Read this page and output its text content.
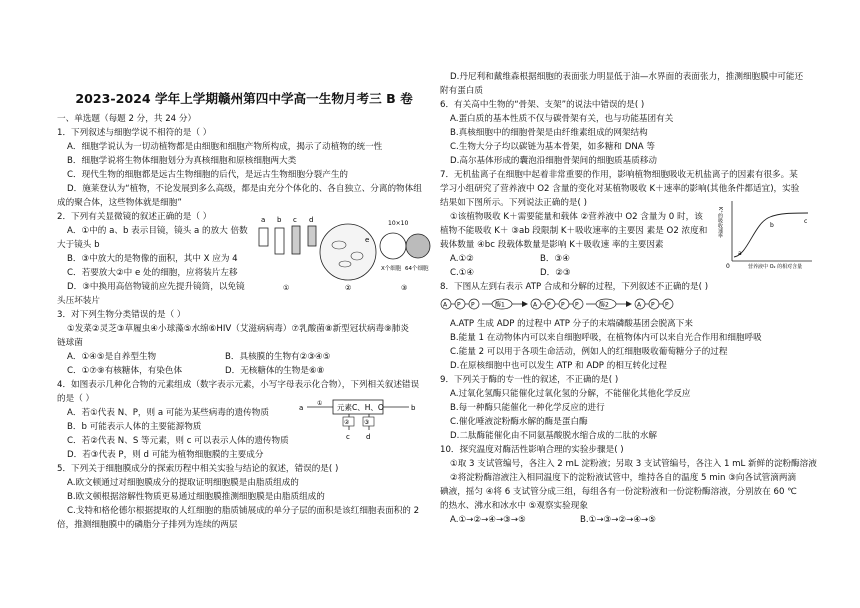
2023-2024 学年上学期赣州第四中学高一生物月考三 B 卷
一、单选题（每题 2 分，共 24 分）
1．下列叙述与细胞学说不相符的是（ ）
A．细胞学说认为一切动植物都是由细胞和细胞产物所构成，揭示了动植物的统一性
B．细胞学说将生物体细胞划分为真核细胞和原核细胞两大类
C．现代生物的细胞都是远古生物细胞的后代，是远古生物细胞分裂产生的
D．施莱登认为“植物，不论发展到多么高级，都是由充分个体化的、各自独立、分离的物体组
成的聚合体，这些物体就是细胞”
2．下列有关显微镜的叙述正确的是（ ）
A．①中的 a、b 表示目镜，镜头 a 的放大 倍数
大于镜头 b
B．③中放大的是物像的面积，其中 X 应为 4
C．若要放大②中 e 处的细胞，应将装片左移
D．③中换用高倍物镜前应先提升镜筒，以免镜
头压坏装片
a b c d
e
10×10
X个细胞 64个细胞
①	②	③
3．对下列生物分类错误的是（ ）
①发菜②灵芝③草履虫④小球藻⑤水绵⑥HIV（艾滋病病毒）⑦乳酸菌⑧新型冠状病毒⑨肺炎
链球菌
A．①④⑤是自养型生物	B．具核膜的生物有②③④⑤
C．①⑦⑨有核糖体，有染色体	D．无核糖体的生物是⑥⑧
4．如图表示几种化合物的元素组成（数字表示元素，小写字母表示化合物），下列相关叙述错误
的是（ ）
A．若①代表 N、P，则 a 可能为某些病毒的遗传物质
B．b 可能表示人体的主要能源物质
C．若②代表 N、S 等元素，则 c 可以表示人体的遗传物质
D．若③代表 P，则 d 可能为植物细胞膜的主要成分
元素C、H、O
a
①
b
② ③
c d
5．下列关于细胞膜成分的探索历程中相关实验与结论的叙述，错误的是( )
A.欧文顿通过对细胞膜成分的提取证明细胞膜是由脂质组成的
B.欧文顿根据溶解性物质更易通过细胞膜推测细胞膜是由脂质组成的
C.戈特和格伦德尔根据提取的人红细胞的脂质铺展成的单分子层的面积是该红细胞表面积的 2
倍，推测细胞膜中的磷脂分子排列为连续的两层
D.丹尼利和戴维森根据细胞的表面张力明显低于油—水界面的表面张力，推测细胞膜中可能还
附有蛋白质
6．有关高中生物的“骨架、支架”的说法中错误的是( )
A.蛋白质的基本性质不仅与碳骨架有关，也与功能基团有关
B.真核细胞中的细胞骨架是由纤维素组成的网架结构
C.生物大分子均以碳链为基本骨架，如多糖和 DNA 等
D.高尔基体形成的囊泡沿细胞骨架间的细胞质基质移动
7．无机盐离子在细胞中起着非常重要的作用，影响植物细胞吸收无机盐离子的因素有很多。某
学习小组研究了营养液中 O2 含量的变化对某植物吸收 K＋速率的影响(其他条件都适宜)，实验
结果如下图所示。下列说法正确的是( )
①该植物吸收 K＋需要能量和载体 ②营养液中 O2 含量为 0 时，该
植物不能吸收 K＋ ③ab 段限制 K＋吸收速率的主要因 素是 O2 浓度和
载体数量 ④bc 段载体数量是影响 K＋吸收速 率的主要因素
A.①②	B．③④
C.①④	D．②③
K⁺的吸收速率
a
b
c
0	营养液中 O₂ 的相对含量
8．下图从左到右表示 ATP 合成和分解的过程，下列叙述不正确的是( )
A P P	酶1	A P P P	酶2	A P P
A.ATP 生成 ADP 的过程中 ATP 分子的末端磷酸基团会脱离下来
B.能量 1 在动物体内可以来自细胞呼吸，在植物体内可以来自光合作用和细胞呼吸
C.能量 2 可以用于各项生命活动，例如人的红细胞吸收葡萄糖分子的过程
D.在原核细胞中也可以发生 ATP 和 ADP 的相互转化过程
9．下列关于酶的专一性的叙述，不正确的是( )
A.过氧化氢酶只能催化过氧化氢的分解，不能催化其他化学反应
B.每一种酶只能催化一种化学反应的进行
C.催化唾液淀粉酶水解的酶是蛋白酶
D.二肽酶能催化由不同氨基酸脱水缩合成的二肽的水解
10．探究温度对酶活性影响合理的实验步骤是( )
①取 3 支试管编号，各注入 2 mL 淀粉液；另取 3 支试管编号，各注入 1 mL 新鲜的淀粉酶溶液
②将淀粉酶溶液注入相同温度下的淀粉液试管中，维持各自的温度 5 min ③向各试管滴两滴
碘液，摇匀 ④将 6 支试管分成三组，每组各有一份淀粉液和一份淀粉酶溶液，分别放在 60 ℃
的热水、沸水和冰水中 ⑤观察实验现象
A.①→②→④→③→⑤	B.①→③→②→④→⑤
